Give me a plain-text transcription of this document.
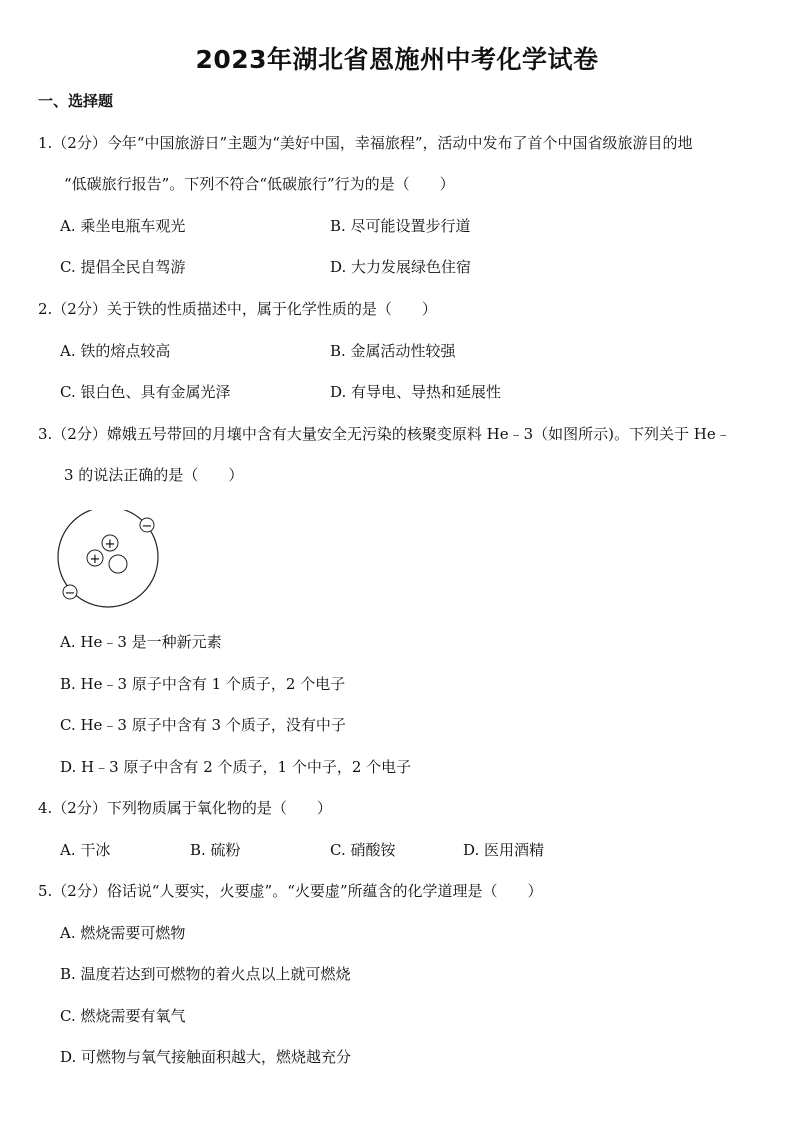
2023年湖北省恩施州中考化学试卷
一、选择题
1.（2分）今年“中国旅游日”主题为“美好中国，幸福旅程”，活动中发布了首个中国省级旅游目的地
“低碳旅行报告”。下列不符合“低碳旅行”行为的是（　　）
A. 乘坐电瓶车观光	B. 尽可能设置步行道
C. 提倡全民自驾游	D. 大力发展绿色住宿
2.（2分）关于铁的性质描述中，属于化学性质的是（　　）
A. 铁的熔点较高	B. 金属活动性较强
C. 银白色、具有金属光泽	D. 有导电、导热和延展性
3.（2分）嫦娥五号带回的月壤中含有大量安全无污染的核聚变原料 He﹣3（如图所示)。下列关于 He﹣
3 的说法正确的是（　　）
−
−
+
+
A. He﹣3 是一种新元素
B. He﹣3 原子中含有 1 个质子，2 个电子
C. He﹣3 原子中含有 3 个质子，没有中子
D. H﹣3 原子中含有 2 个质子，1 个中子，2 个电子
4.（2分）下列物质属于氧化物的是（　　）
A. 干冰	B. 硫粉	C. 硝酸铵	D. 医用酒精
5.（2分）俗话说“人要实，火要虚”。“火要虚”所蕴含的化学道理是（　　）
A. 燃烧需要可燃物
B. 温度若达到可燃物的着火点以上就可燃烧
C. 燃烧需要有氧气
D. 可燃物与氧气接触面积越大，燃烧越充分
